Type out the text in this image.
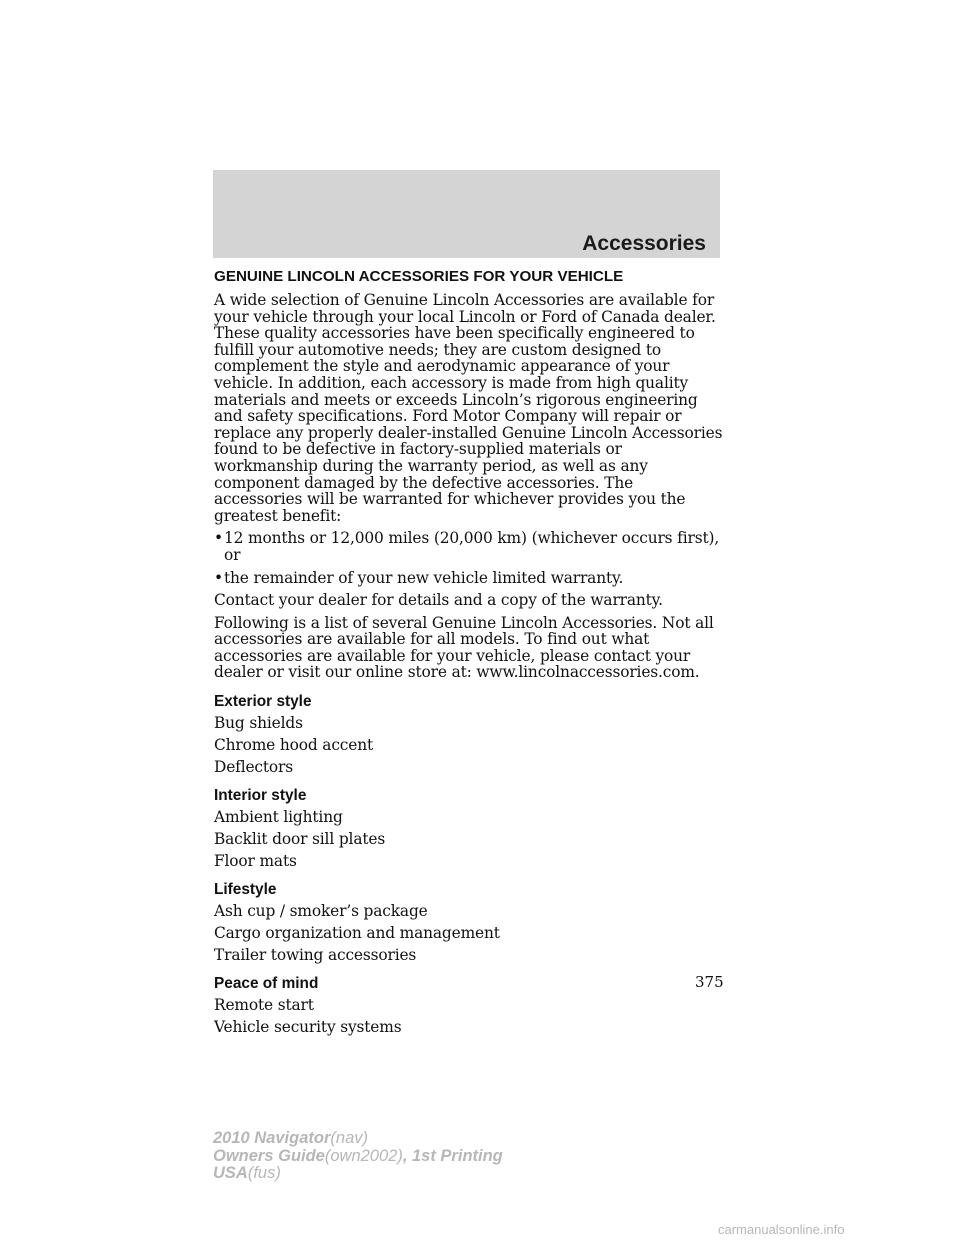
Accessories
GENUINE LINCOLN ACCESSORIES FOR YOUR VEHICLE

A wide selection of Genuine Lincoln Accessories are available for your vehicle through your local Lincoln or Ford of Canada dealer. These quality accessories have been specifically engineered to fulfill your automotive needs; they are custom designed to complement the style and aerodynamic appearance of your vehicle. In addition, each accessory is made from high quality materials and meets or exceeds Lincoln’s rigorous engineering and safety specifications. Ford Motor Company will repair or replace any properly dealer-installed Genuine Lincoln Accessories found to be defective in factory-supplied materials or workmanship during the warranty period, as well as any component damaged by the defective accessories. The accessories will be warranted for whichever provides you the greatest benefit:

• 12 months or 12,000 miles (20,000 km) (whichever occurs first), or
• the remainder of your new vehicle limited warranty.

Contact your dealer for details and a copy of the warranty.

Following is a list of several Genuine Lincoln Accessories. Not all accessories are available for all models. To find out what accessories are available for your vehicle, please contact your dealer or visit our online store at: www.lincolnaccessories.com.

Exterior style
Bug shields
Chrome hood accent
Deflectors
Interior style
Ambient lighting
Backlit door sill plates
Floor mats
Lifestyle
Ash cup / smoker’s package
Cargo organization and management
Trailer towing accessories
Peace of mind
Remote start
Vehicle security systems
375
2010 Navigator(nav)
Owners Guide(own2002), 1st Printing
USA(fus)
carmanualsonline.info
